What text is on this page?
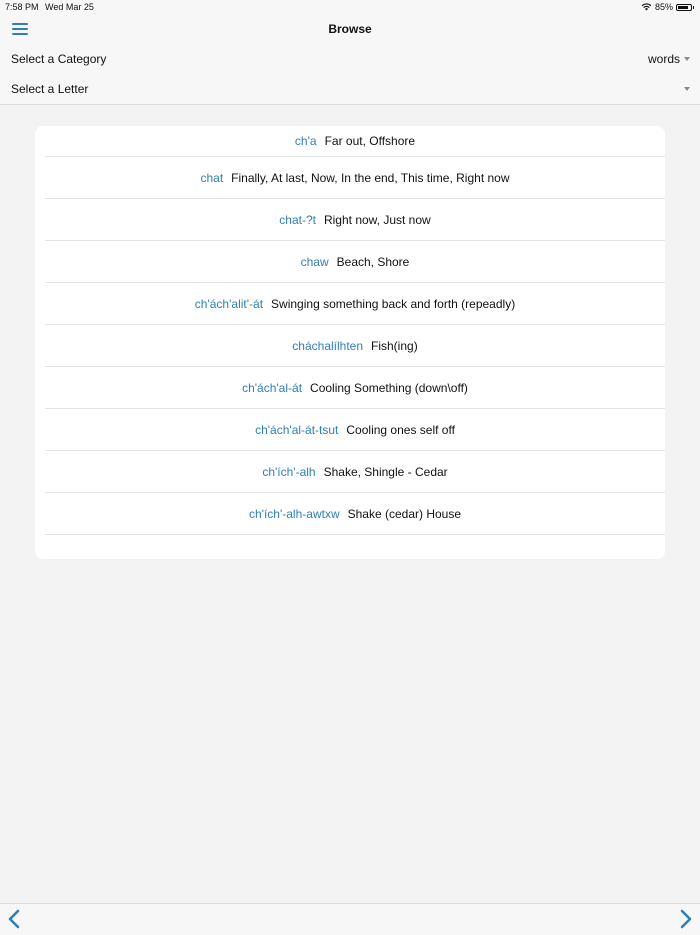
7:58 PM Wed Mar 25	85%
Browse
Select a Category	words
Select a Letter
ch'a Far out, Offshore
chat Finally, At last, Now, In the end, This time, Right now
chat-?t Right now, Just now
chaw Beach, Shore
ch'ách'alit'-át Swinging something back and forth (repeadly)
cháchalílhten Fish(ing)
ch'ách'al-át Cooling Something (down\off)
ch'ách'al-át-tsut Cooling ones self off
ch'ích'-alh Shake, Shingle - Cedar
ch'ích'-alh-awtxw Shake (cedar) House
